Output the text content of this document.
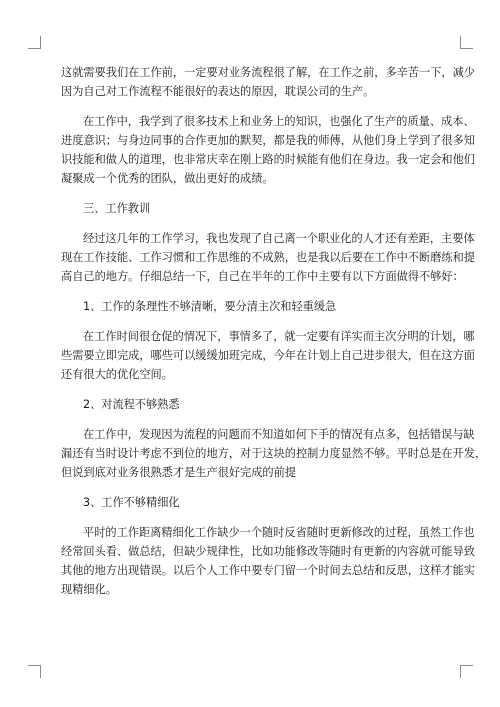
这就需要我们在工作前，一定要对业务流程很了解，在工作之前，多辛苦一下，减少
因为自己对工作流程不能很好的表达的原因，耽误公司的生产。
在工作中，我学到了很多技术上和业务上的知识，也强化了生产的质量、成本、
进度意识；与身边同事的合作更加的默契，都是我的师傅，从他们身上学到了很多知
识技能和做人的道理，也非常庆幸在刚上路的时候能有他们在身边。我一定会和他们
凝聚成一个优秀的团队，做出更好的成绩。
三、工作教训
经过这几年的工作学习，我也发现了自己离一个职业化的人才还有差距，主要体
现在工作技能、工作习惯和工作思维的不成熟，也是我以后要在工作中不断磨练和提
高自己的地方。仔细总结一下，自己在半年的工作中主要有以下方面做得不够好：
1、工作的条理性不够清晰，要分清主次和轻重缓急
在工作时间很仓促的情况下，事情多了，就一定要有详实而主次分明的计划，哪
些需要立即完成，哪些可以缓缓加班完成，今年在计划上自己进步很大，但在这方面
还有很大的优化空间。
2、对流程不够熟悉
在工作中，发现因为流程的问题而不知道如何下手的情况有点多，包括错误与缺
漏还有当时设计考虑不到位的地方，对于这块的控制力度显然不够。平时总是在开发，
但说到底对业务很熟悉才是生产很好完成的前提
3、工作不够精细化
平时的工作距离精细化工作缺少一个随时反省随时更新修改的过程，虽然工作也
经常回头看、做总结，但缺少规律性，比如功能修改等随时有更新的内容就可能导致
其他的地方出现错误。以后个人工作中要专门留一个时间去总结和反思，这样才能实
现精细化。
